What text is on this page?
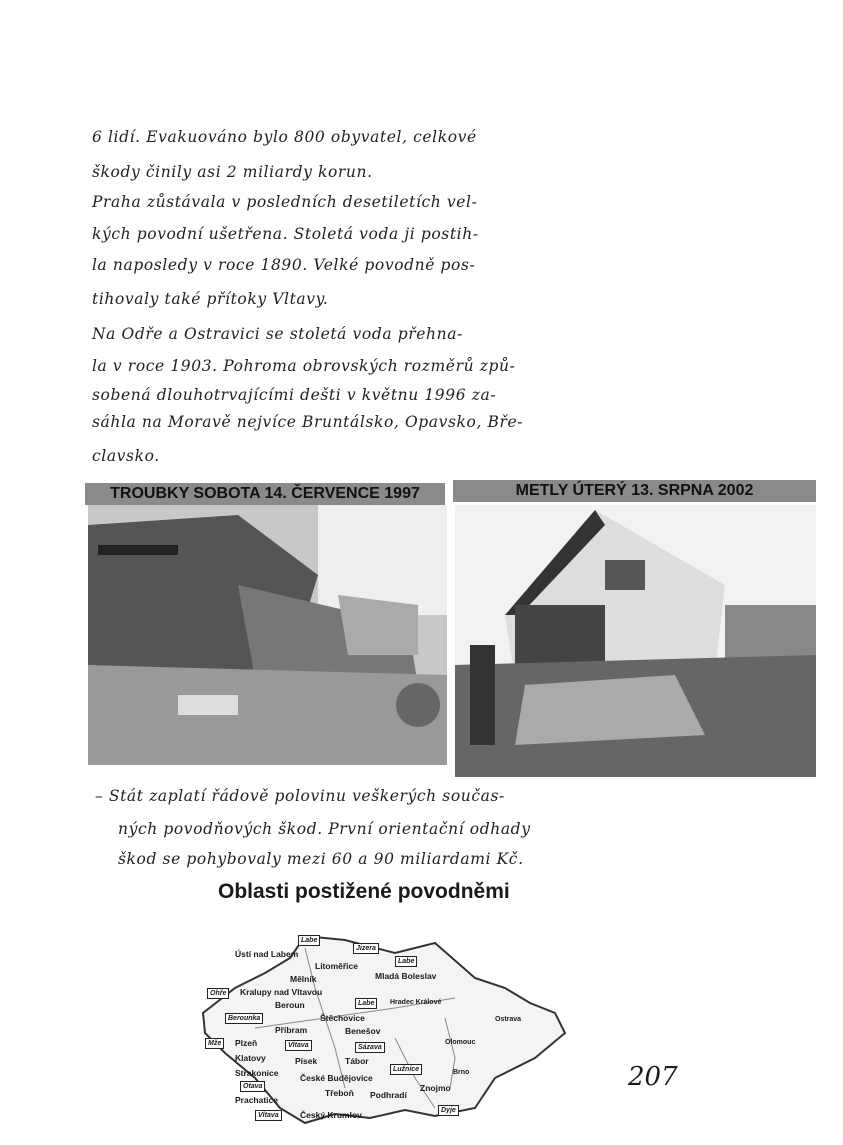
6 lidí. Evakuováno bylo 800 obyvatel, celkové
škody činily asi 2 miliardy korun.
Praha zůstávala v posledních desetiletích vel-
kých povodní ušetřena. Stoletá voda ji postih-
la naposledy v roce 1890. Velké povodně pos-
tihovaly také přítoky Vltavy.
Na Odře a Ostravici se stoletá voda přehna-
la v roce 1903. Pohroma obrovských rozměrů způ-
sobená dlouhotrvajícími dešti v květnu 1996 za-
sáhla na Moravě nejvíce Bruntálsko, Opavsko, Bře-
clavsko.
TROUBKY SOBOTA 14. ČERVENCE 1997	METLY ÚTERÝ 13. SRPNA 2002
– Stát zaplatí řádově polovinu veškerých součas-
ných povodňových škod. První orientační odhady
škod se pohybovaly mezi 60 a 90 miliardami Kč.
Oblasti postižené povodněmi
Ústí nad Labem
Litoměřice
Mělník	Mladá Boleslav
Kralupy nad Vltavou
Beroun
Štěchovice
Benešov
Příbram
Plzeň
Klatovy	Písek	Tábor
Strakonice	České Budějovice
Prachatice
Třeboň Podhradí
Znojmo
Český Krumlov
Hradec Králové
Olomouc
Brno
Ostrava
Labe
Jizera
Labe
Ohře
Berounka
Labe
Mže	Vltava	Sázava
Lužnice
Otava
Vltava
Dyje
207
